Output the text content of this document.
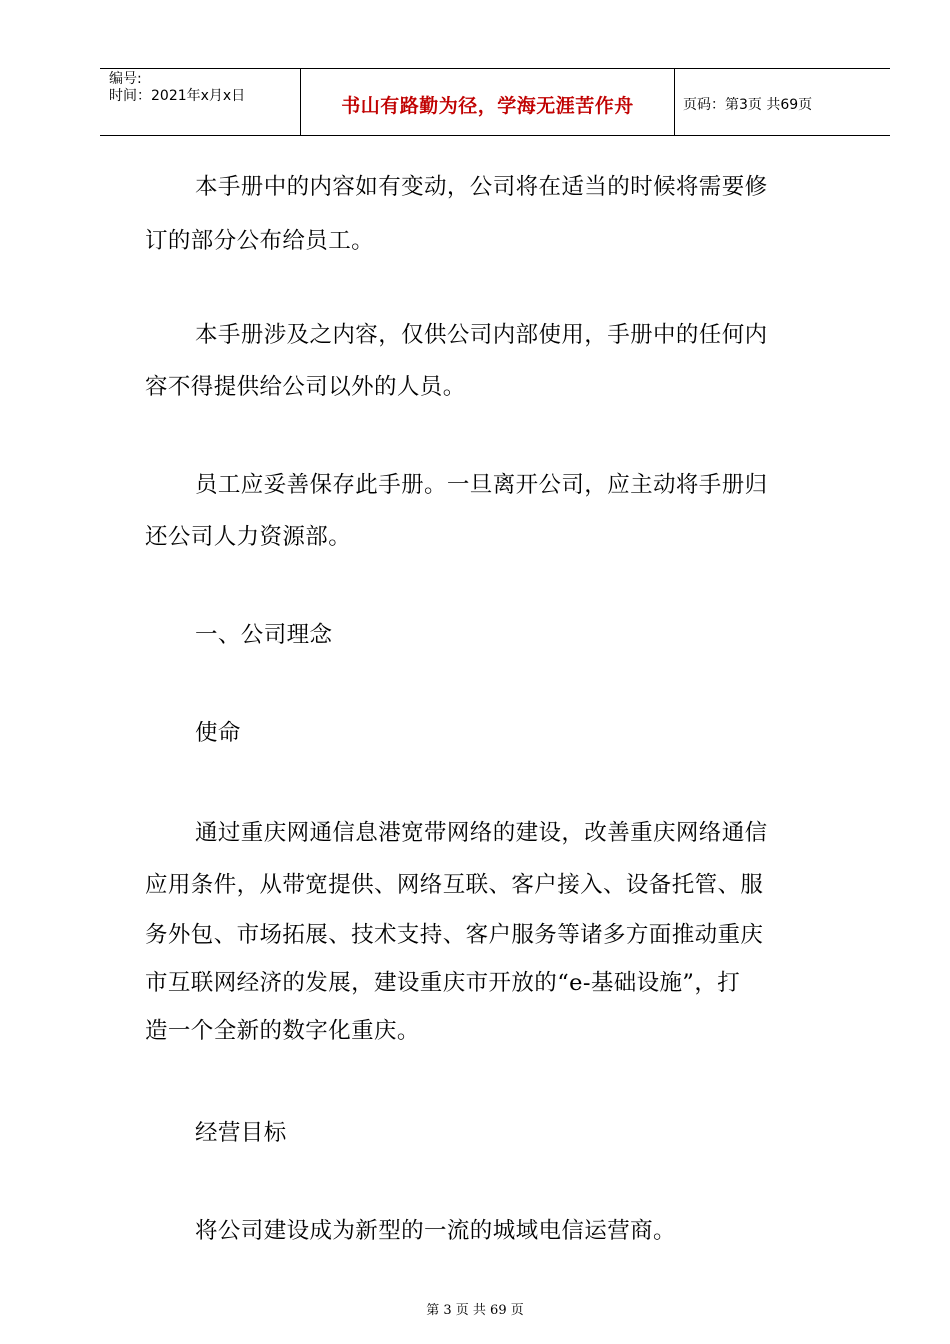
编号:
时间：2021年x月x日	书山有路勤为径，学海无涯苦作舟	页码：第3页 共69页
本手册中的内容如有变动，公司将在适当的时候将需要修
订的部分公布给员工。
本手册涉及之内容，仅供公司内部使用，手册中的任何内
容不得提供给公司以外的人员。
员工应妥善保存此手册。一旦离开公司，应主动将手册归
还公司人力资源部。
一、公司理念
使命
通过重庆网通信息港宽带网络的建设，改善重庆网络通信
应用条件，从带宽提供、网络互联、客户接入、设备托管、服
务外包、市场拓展、技术支持、客户服务等诸多方面推动重庆
市互联网经济的发展，建设重庆市开放的“e-基础设施”，打
造一个全新的数字化重庆。
经营目标
将公司建设成为新型的一流的城域电信运营商。
第 3 页 共 69 页
